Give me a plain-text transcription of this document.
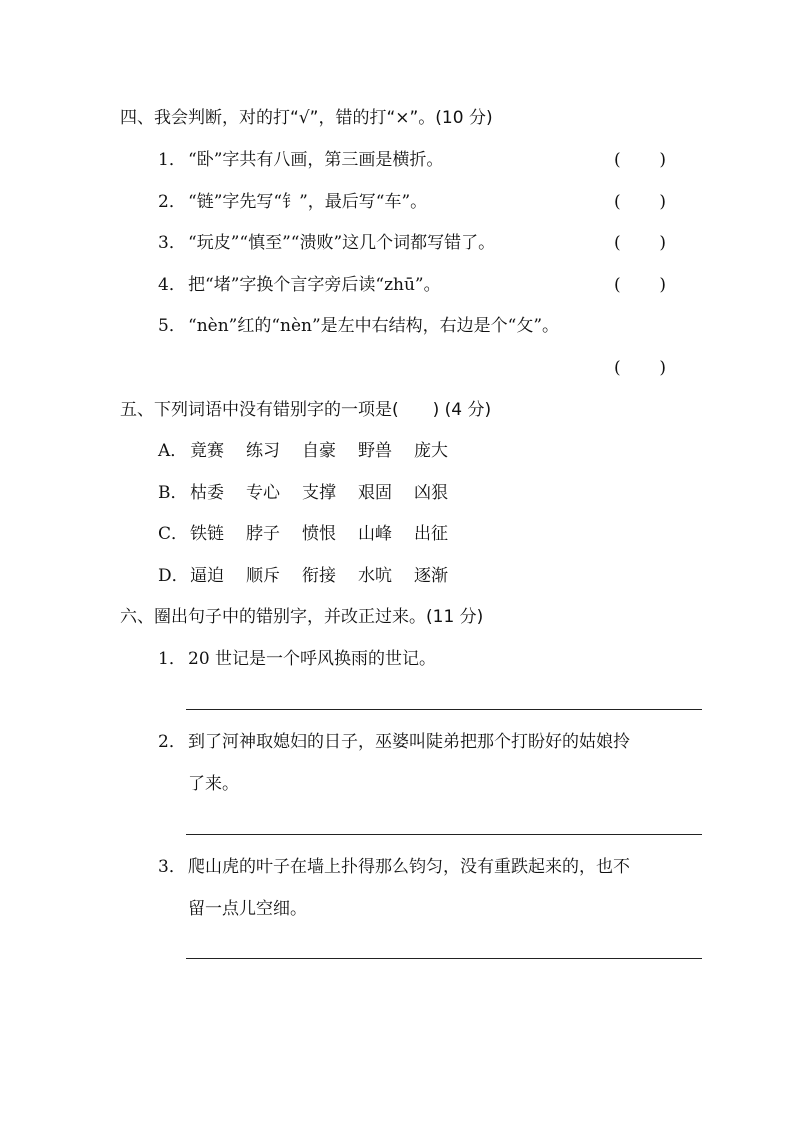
四、我会判断，对的打“√”，错的打“×”。(10 分)
1． “卧”字共有八画，第三画是横折。	( )
2． “链”字先写“钅”，最后写“车”。	( )
3． “玩皮”“慎至”“溃败”这几个词都写错了。	( )
4． 把“堵”字换个言字旁后读“zhū”。	( )
5． “nèn”红的“nèn”是左中右结构，右边是个“攵”。
( )
五、下列词语中没有错别字的一项是(　　) (4 分)
A． 竟赛 练习 自豪 野兽 庞大
B． 枯委 专心 支撑 艰固 凶狠
C． 铁链 脖子 愤恨 山峰 出征
D．逼迫 顺斥 衔接 水吭 逐渐
六、圈出句子中的错别字，并改正过来。(11 分)
1． 20 世记是一个呼风换雨的世记。
2． 到了河神取媳妇的日子，巫婆叫陡弟把那个打盼好的姑娘拎
了来。
3． 爬山虎的叶子在墙上扑得那么钧匀，没有重跌起来的，也不
留一点儿空细。
